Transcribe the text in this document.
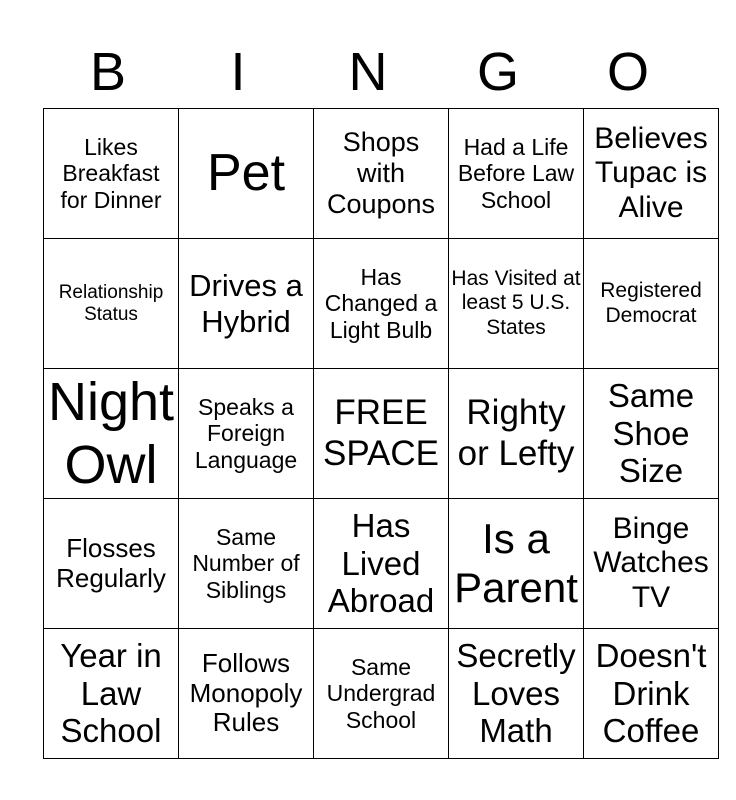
B	I	N	G	O
Likes Breakfast for Dinner	Pet	Shops with Coupons	Had a Life Before Law School	Believes Tupac is Alive
Relationship Status	Drives a Hybrid	Has Changed a Light Bulb	Has Visited at least 5 U.S. States	Registered Democrat
Night Owl	Speaks a Foreign Language	FREE SPACE	Righty or Lefty	Same Shoe Size
Flosses Regularly	Same Number of Siblings	Has Lived Abroad	Is a Parent	Binge Watches TV
Year in Law School	Follows Monopoly Rules	Same Undergrad School	Secretly Loves Math	Doesn't Drink Coffee
